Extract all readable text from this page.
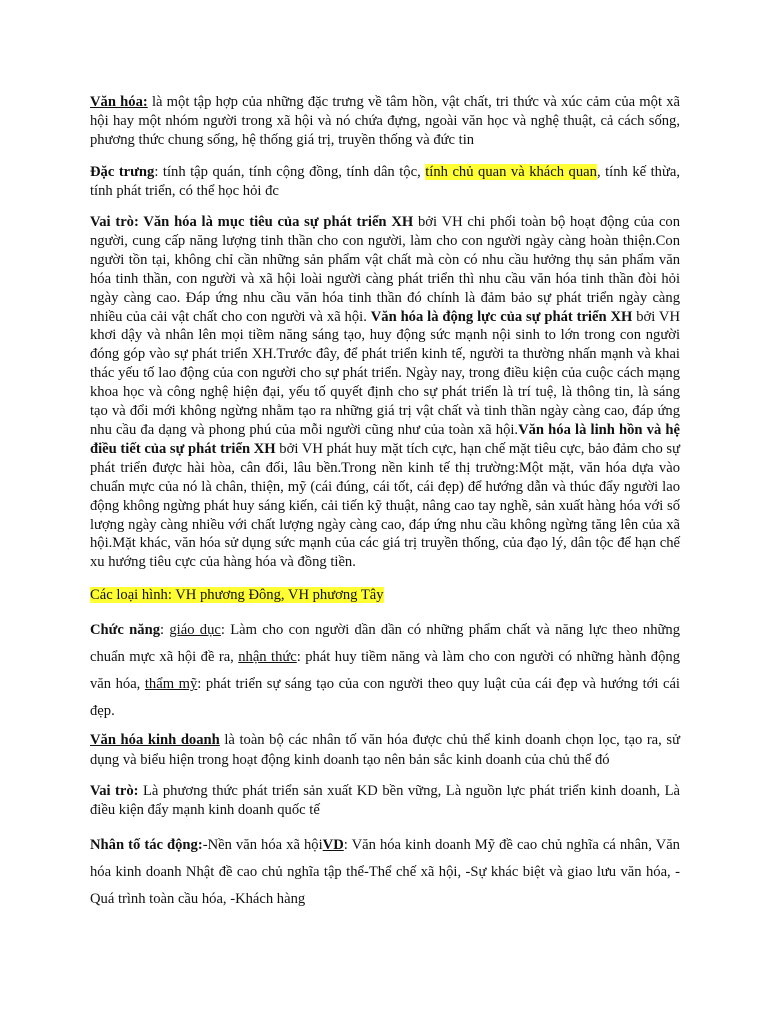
Văn hóa: là một tập hợp của những đặc trưng về tâm hồn, vật chất, tri thức và xúc cảm của một xã hội hay một nhóm người trong xã hội và nó chứa đựng, ngoài văn học và nghệ thuật, cả cách sống, phương thức chung sống, hệ thống giá trị, truyền thống và đức tin

Đặc trưng: tính tập quán, tính cộng đồng, tính dân tộc, tính chủ quan và khách quan, tính kế thừa, tính phát triển, có thể học hỏi đc

Vai trò: Văn hóa là mục tiêu của sự phát triển XH bởi VH chi phối toàn bộ hoạt động của con người, cung cấp năng lượng tinh thần cho con người, làm cho con người ngày càng hoàn thiện.Con người tồn tại, không chỉ cần những sản phẩm vật chất mà còn có nhu cầu hưởng thụ sản phẩm văn hóa tinh thần, con người và xã hội loài người càng phát triển thì nhu cầu văn hóa tinh thần đòi hỏi ngày càng cao. Đáp ứng nhu cầu văn hóa tinh thần đó chính là đảm bảo sự phát triển ngày càng nhiều của cải vật chất cho con người và xã hội. Văn hóa là động lực của sự phát triển XH bởi VH khơi dậy và nhân lên mọi tiềm năng sáng tạo, huy động sức mạnh nội sinh to lớn trong con người đóng góp vào sự phát triển XH.Trước đây, để phát triển kinh tế, người ta thường nhấn mạnh và khai thác yếu tố lao động của con người cho sự phát triển. Ngày nay, trong điều kiện của cuộc cách mạng khoa học và công nghệ hiện đại, yếu tố quyết định cho sự phát triển là trí tuệ, là thông tin, là sáng tạo và đổi mới không ngừng nhằm tạo ra những giá trị vật chất và tinh thần ngày càng cao, đáp ứng nhu cầu đa dạng và phong phú của mỗi người cũng như của toàn xã hội.Văn hóa là linh hồn và hệ điều tiết của sự phát triển XH bởi VH phát huy mặt tích cực, hạn chế mặt tiêu cực, bảo đảm cho sự phát triển được hài hòa, cân đối, lâu bền.Trong nền kinh tế thị trường:Một mặt, văn hóa dựa vào chuẩn mực của nó là chân, thiện, mỹ (cái đúng, cái tốt, cái đẹp) để hướng dẫn và thúc đẩy người lao động không ngừng phát huy sáng kiến, cải tiến kỹ thuật, nâng cao tay nghề, sản xuất hàng hóa với số lượng ngày càng nhiều với chất lượng ngày càng cao, đáp ứng nhu cầu không ngừng tăng lên của xã hội.Mặt khác, văn hóa sử dụng sức mạnh của các giá trị truyền thống, của đạo lý, dân tộc để hạn chế xu hướng tiêu cực của hàng hóa và đồng tiền.

Các loại hình: VH phương Đông, VH phương Tây

Chức năng: giáo dục: Làm cho con người dần dần có những phẩm chất và năng lực theo những chuẩn mực xã hội đề ra, nhận thức: phát huy tiềm năng và làm cho con người có những hành động văn hóa, thẩm mỹ: phát triển sự sáng tạo của con người theo quy luật của cái đẹp và hướng tới cái đẹp.

Văn hóa kinh doanh là toàn bộ các nhân tố văn hóa được chủ thể kinh doanh chọn lọc, tạo ra, sử dụng và biểu hiện trong hoạt động kinh doanh tạo nên bản sắc kinh doanh của chủ thể đó

Vai trò: Là phương thức phát triển sản xuất KD bền vững, Là nguồn lực phát triển kinh doanh, Là điều kiện đẩy mạnh kinh doanh quốc tế

Nhân tố tác động:-Nền văn hóa xã hộiVD: Văn hóa kinh doanh Mỹ đề cao chủ nghĩa cá nhân, Văn hóa kinh doanh Nhật đề cao chủ nghĩa tập thể-Thể chế xã hội, -Sự khác biệt và giao lưu văn hóa, -Quá trình toàn cầu hóa, -Khách hàng
